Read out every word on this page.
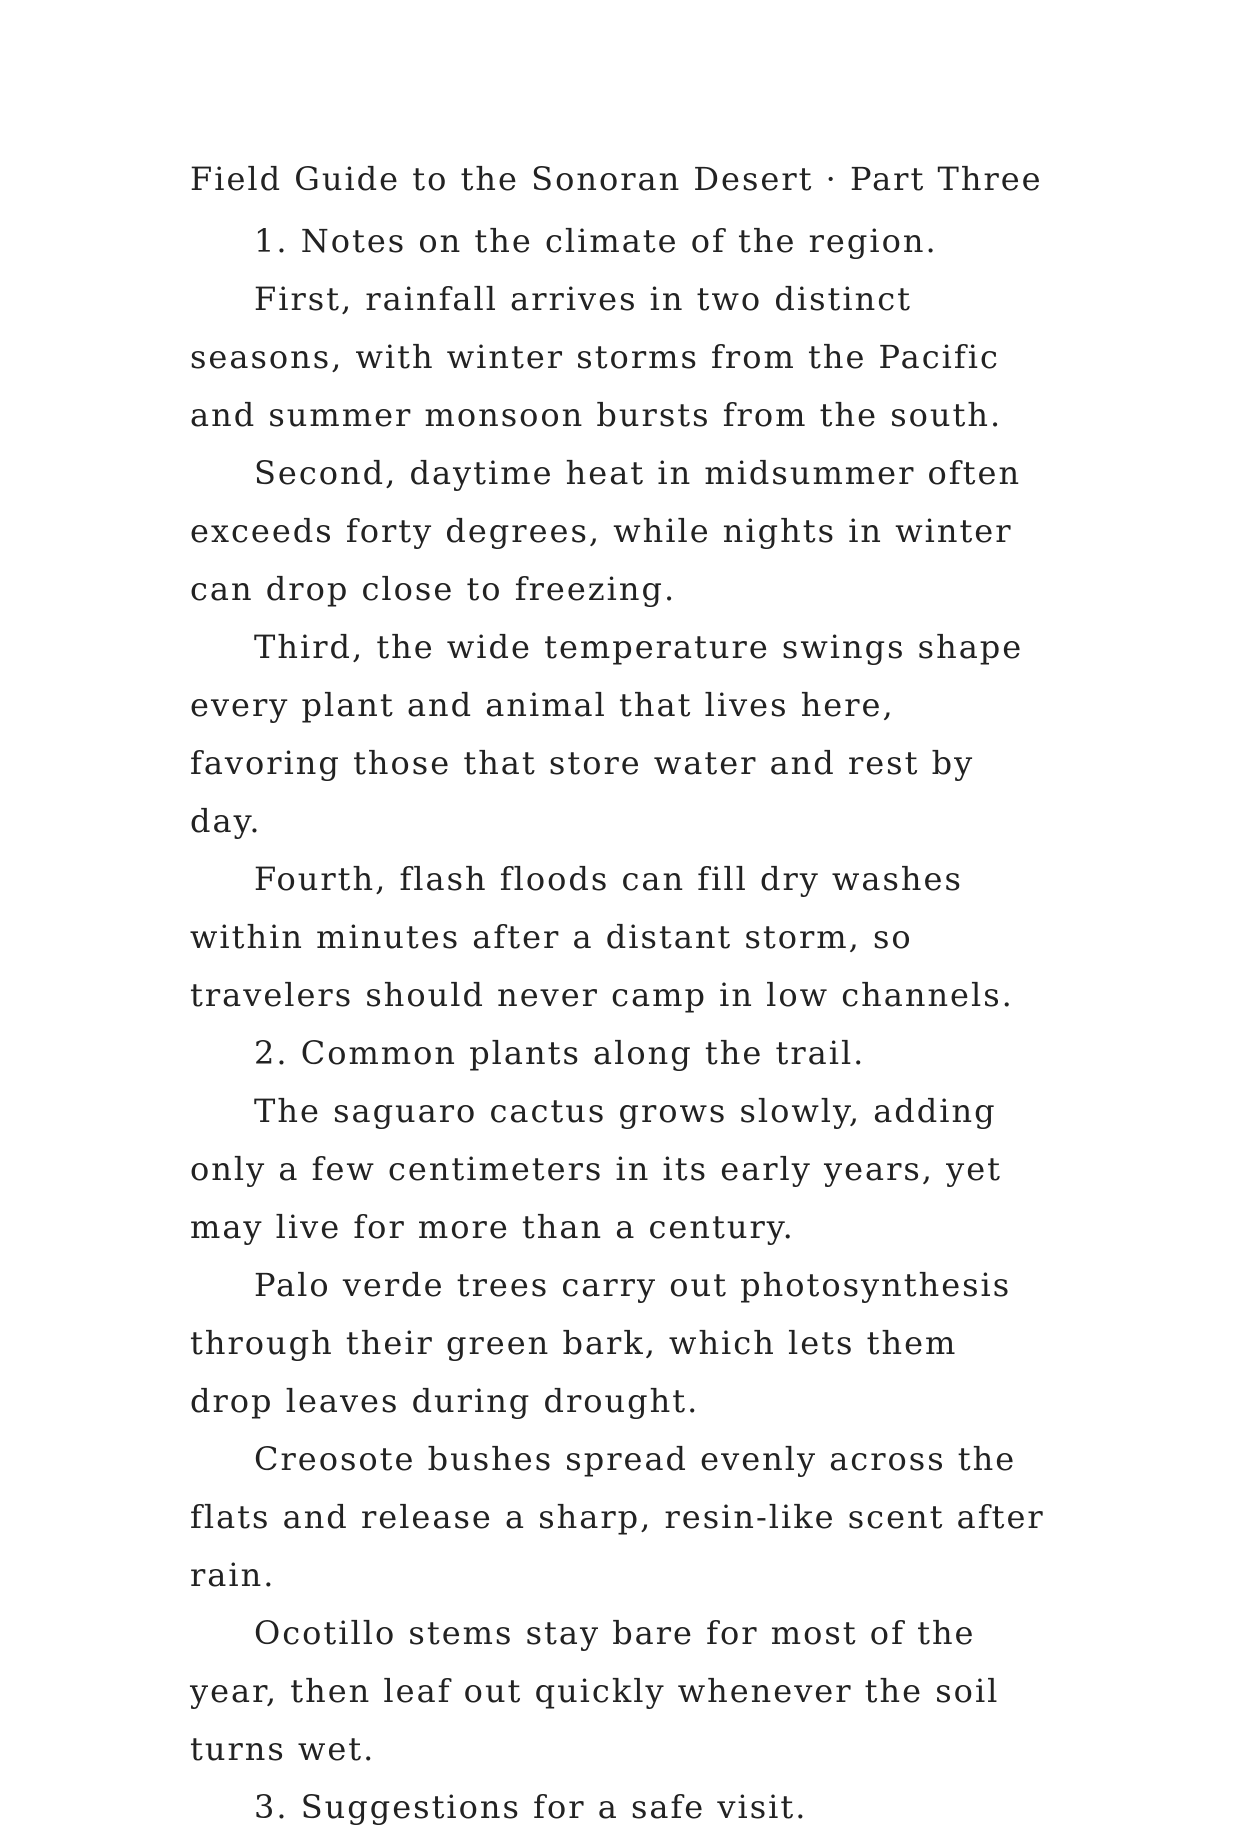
Field Guide to the Sonoran Desert · Part Three

1. Notes on the climate of the region.

First, rainfall arrives in two distinct seasons, with winter storms from the Pacific and summer monsoon bursts from the south.

Second, daytime heat in midsummer often exceeds forty degrees, while nights in winter can drop close to freezing.

Third, the wide temperature swings shape every plant and animal that lives here, favoring those that store water and rest by day.

Fourth, flash floods can fill dry washes within minutes after a distant storm, so travelers should never camp in low channels.

2. Common plants along the trail.

The saguaro cactus grows slowly, adding only a few centimeters in its early years, yet may live for more than a century.

Palo verde trees carry out photosynthesis through their green bark, which lets them drop leaves during drought.

Creosote bushes spread evenly across the flats and release a sharp, resin-like scent after rain.

Ocotillo stems stay bare for most of the year, then leaf out quickly whenever the soil turns wet.

3. Suggestions for a safe visit.
